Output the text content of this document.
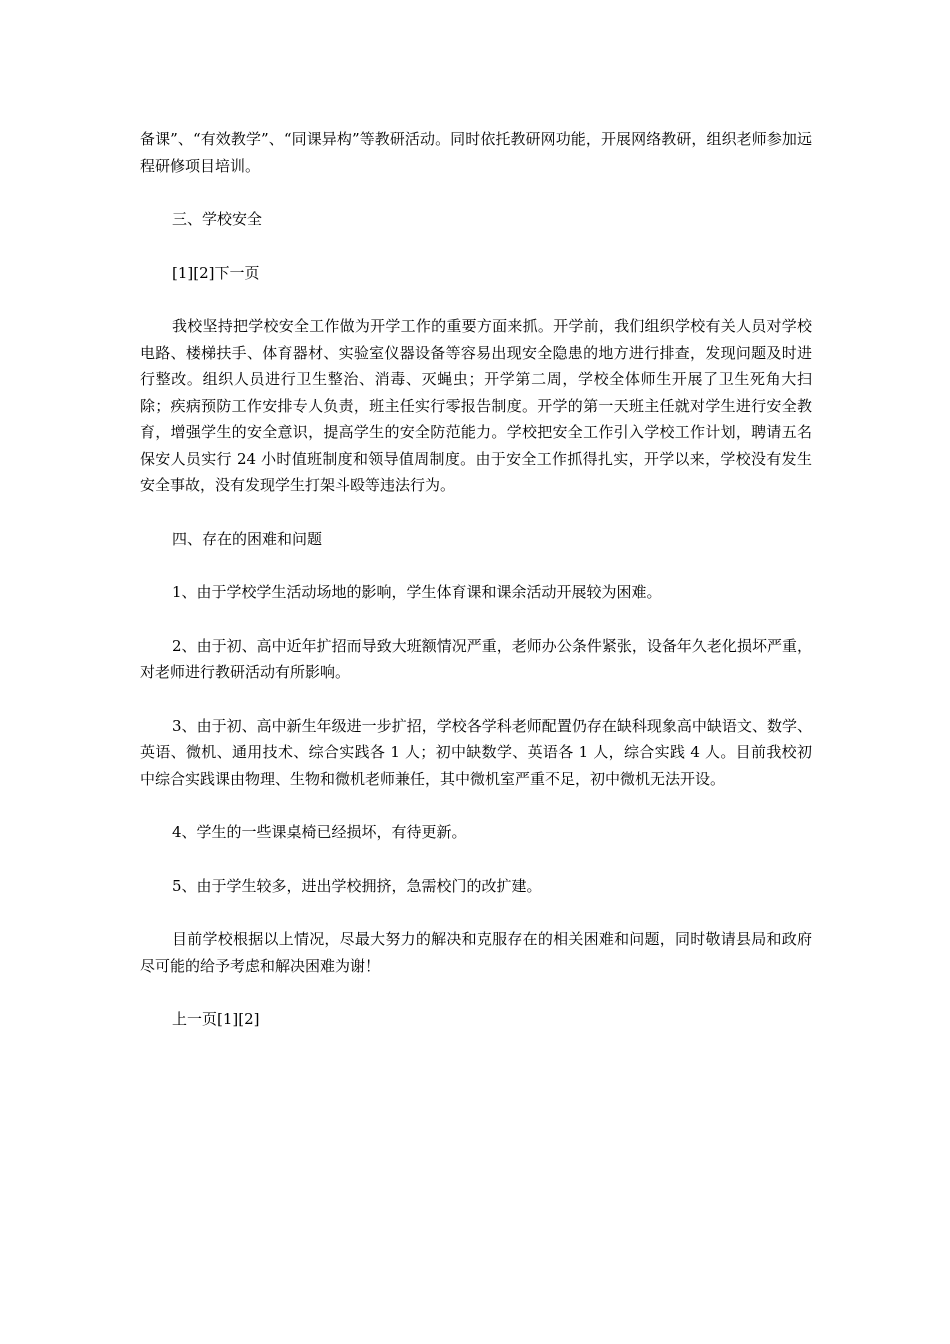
备课”、“有效教学”、“同课异构”等教研活动。同时依托教研网功能，开展网络教研，组织老师参加远程研修项目培训。

三、学校安全

[1][2]下一页

我校坚持把学校安全工作做为开学工作的重要方面来抓。开学前，我们组织学校有关人员对学校电路、楼梯扶手、体育器材、实验室仪器设备等容易出现安全隐患的地方进行排查，发现问题及时进行整改。组织人员进行卫生整治、消毒、灭蝇虫；开学第二周，学校全体师生开展了卫生死角大扫除；疾病预防工作安排专人负责，班主任实行零报告制度。开学的第一天班主任就对学生进行安全教育，增强学生的安全意识，提高学生的安全防范能力。学校把安全工作引入学校工作计划，聘请五名保安人员实行 24 小时值班制度和领导值周制度。由于安全工作抓得扎实，开学以来，学校没有发生安全事故，没有发现学生打架斗殴等违法行为。

四、存在的困难和问题

1、由于学校学生活动场地的影响，学生体育课和课余活动开展较为困难。

2、由于初、高中近年扩招而导致大班额情况严重，老师办公条件紧张，设备年久老化损坏严重，对老师进行教研活动有所影响。

3、由于初、高中新生年级进一步扩招，学校各学科老师配置仍存在缺科现象高中缺语文、数学、英语、微机、通用技术、综合实践各 1 人；初中缺数学、英语各 1 人，综合实践 4 人。目前我校初中综合实践课由物理、生物和微机老师兼任，其中微机室严重不足，初中微机无法开设。

4、学生的一些课桌椅已经损坏，有待更新。

5、由于学生较多，进出学校拥挤，急需校门的改扩建。

目前学校根据以上情况，尽最大努力的解决和克服存在的相关困难和问题，同时敬请县局和政府尽可能的给予考虑和解决困难为谢！

上一页[1][2]
